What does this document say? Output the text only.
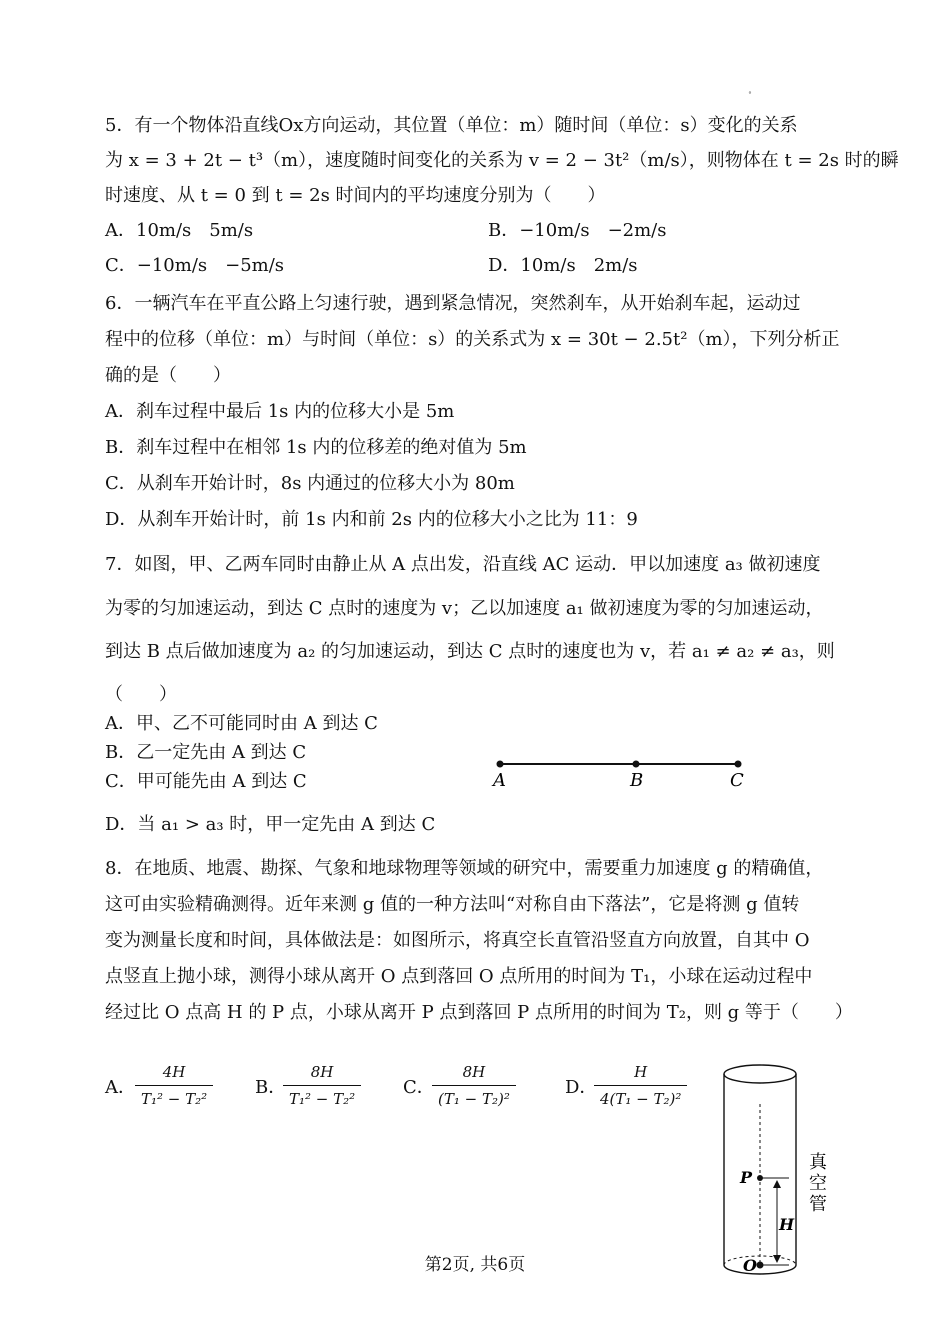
∘
5．有一个物体沿直线Ox方向运动，其位置（单位：m）随时间（单位：s）变化的关系
为 x = 3 + 2t − t³（m），速度随时间变化的关系为 v = 2 − 3t²（m/s），则物体在 t = 2s 时的瞬
时速度、从 t = 0 到 t = 2s 时间内的平均速度分别为（　　）
A．10m/s　5m/s	B．−10m/s　−2m/s
C．−10m/s　−5m/s	D．10m/s　2m/s
6．一辆汽车在平直公路上匀速行驶，遇到紧急情况，突然刹车，从开始刹车起，运动过
程中的位移（单位：m）与时间（单位：s）的关系式为 x = 30t − 2.5t²（m），下列分析正
确的是（　　）
A．刹车过程中最后 1s 内的位移大小是 5m
B．刹车过程中在相邻 1s 内的位移差的绝对值为 5m
C．从刹车开始计时，8s 内通过的位移大小为 80m
D．从刹车开始计时，前 1s 内和前 2s 内的位移大小之比为 11：9
7．如图，甲、乙两车同时由静止从 A 点出发，沿直线 AC 运动．甲以加速度 a₃ 做初速度
为零的匀加速运动，到达 C 点时的速度为 v；乙以加速度 a₁ 做初速度为零的匀加速运动，
到达 B 点后做加速度为 a₂ 的匀加速运动，到达 C 点时的速度也为 v，若 a₁ ≠ a₂ ≠ a₃，则
（　　）
A．甲、乙不可能同时由 A 到达 C
B．乙一定先由 A 到达 C
C．甲可能先由 A 到达 C
D．当 a₁ > a₃ 时，甲一定先由 A 到达 C
A	B	C
8．在地质、地震、勘探、气象和地球物理等领域的研究中，需要重力加速度 g 的精确值，
这可由实验精确测得。近年来测 g 值的一种方法叫“对称自由下落法”，它是将测 g 值转
变为测量长度和时间，具体做法是：如图所示，将真空长直管沿竖直方向放置，自其中 O
点竖直上抛小球，测得小球从离开 O 点到落回 O 点所用的时间为 T₁，小球在运动过程中
经过比 O 点高 H 的 P 点，小球从离开 P 点到落回 P 点所用的时间为 T₂，则 g 等于（　　）
A． $\frac{4H}{\text{T₁² − T₂²}}$ B．
$\frac{8H}{\text{T₁² − T₂²}}$ C．
$\frac{8H}{\text{(T₁ − T₂)²}}$	D．
$\frac{H}{\text{4(T₁ − T₂)²}}$
P
H
O
真
空
管
第2页, 共6页
